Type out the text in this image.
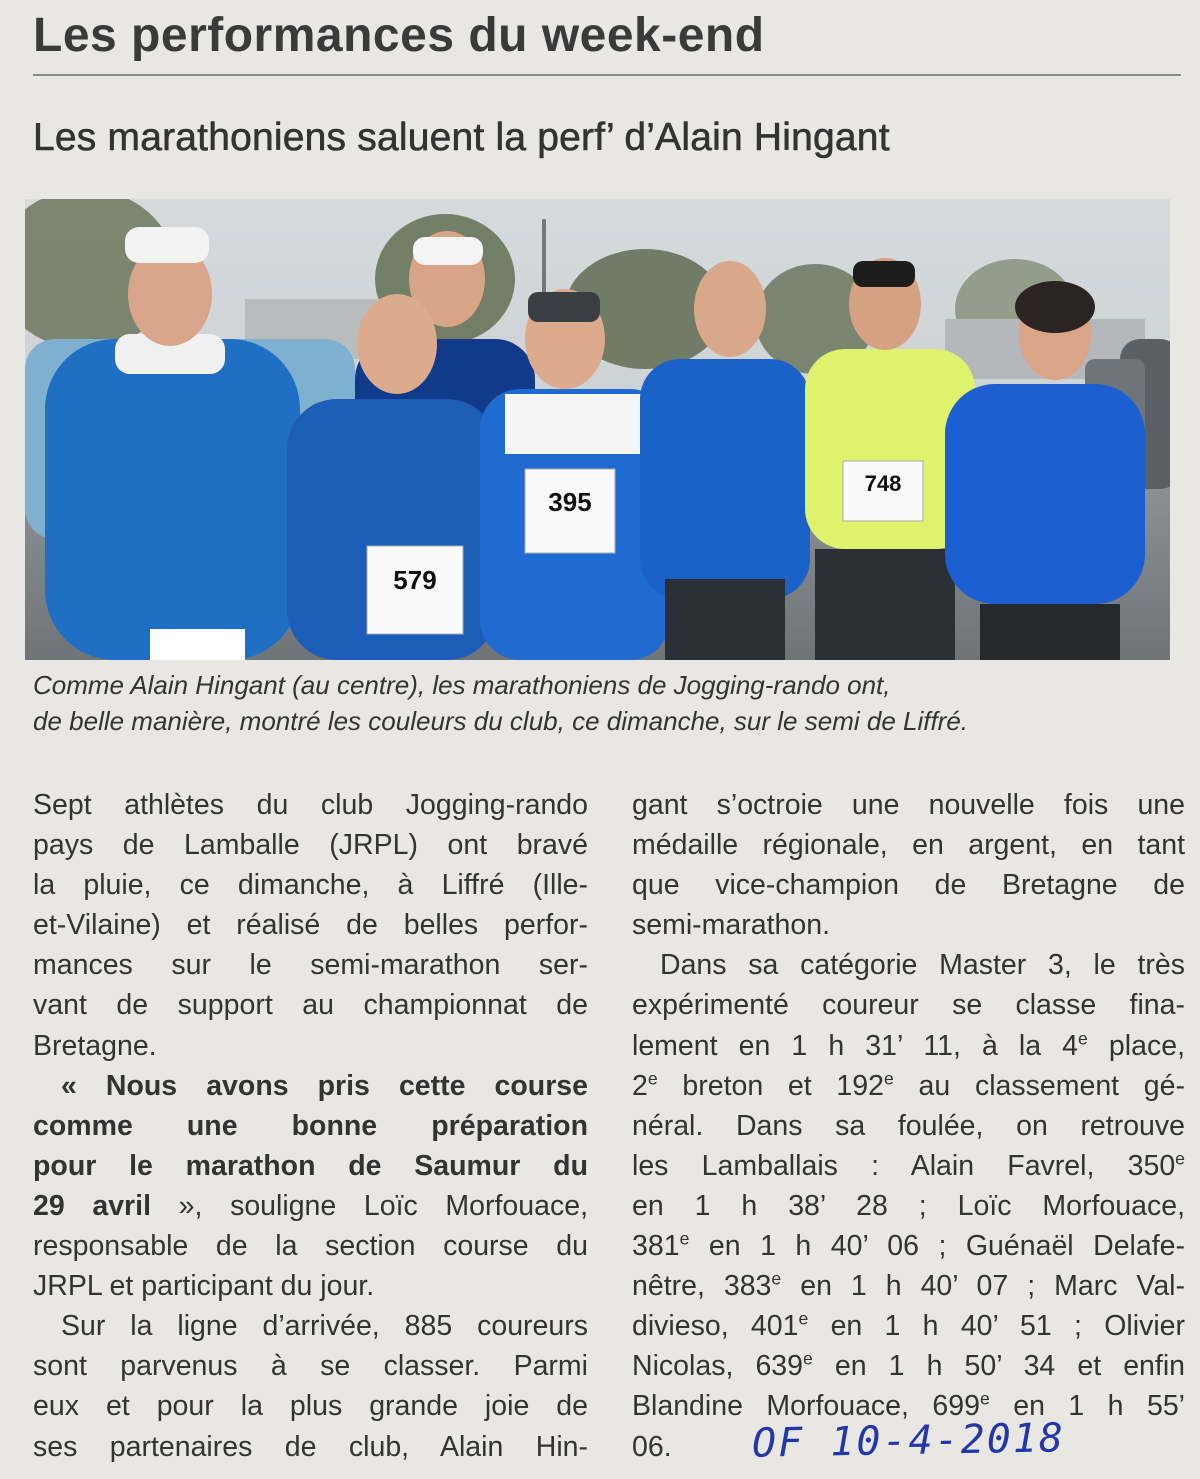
Les performances du week-end
Les marathoniens saluent la perf’ d’Alain Hingant
579
395
748
Comme Alain Hingant (au centre), les marathoniens de Jogging-rando ont,
de belle manière, montré les couleurs du club, ce dimanche, sur le semi de Liffré.
Sept athlètes du club Jogging-rando
pays de Lamballe (JRPL) ont bravé
la pluie, ce dimanche, à Liffré (Ille-
et-Vilaine) et réalisé de belles perfor-
mances sur le semi-marathon ser-
vant de support au championnat de
Bretagne.
« Nous avons pris cette course
comme une bonne préparation
pour le marathon de Saumur du
29 avril », souligne Loïc Morfouace,
responsable de la section course du
JRPL et participant du jour.
Sur la ligne d’arrivée, 885 coureurs
sont parvenus à se classer. Parmi
eux et pour la plus grande joie de
ses partenaires de club, Alain Hin-
gant s’octroie une nouvelle fois une
médaille régionale, en argent, en tant
que vice-champion de Bretagne de
semi-marathon.
Dans sa catégorie Master 3, le très
expérimenté coureur se classe fina-
lement en 1 h 31’ 11, à la 4e place,
2e breton et 192e au classement gé-
néral. Dans sa foulée, on retrouve
les Lamballais : Alain Favrel, 350e
en 1 h 38’ 28 ; Loïc Morfouace,
381e en 1 h 40’ 06 ; Guénaël Delafe-
nêtre, 383e en 1 h 40’ 07 ; Marc Val-
divieso, 401e en 1 h 40’ 51 ; Olivier
Nicolas, 639e en 1 h 50’ 34 et enfin
Blandine Morfouace, 699e en 1 h 55’
06.	OF 10-4-2018
